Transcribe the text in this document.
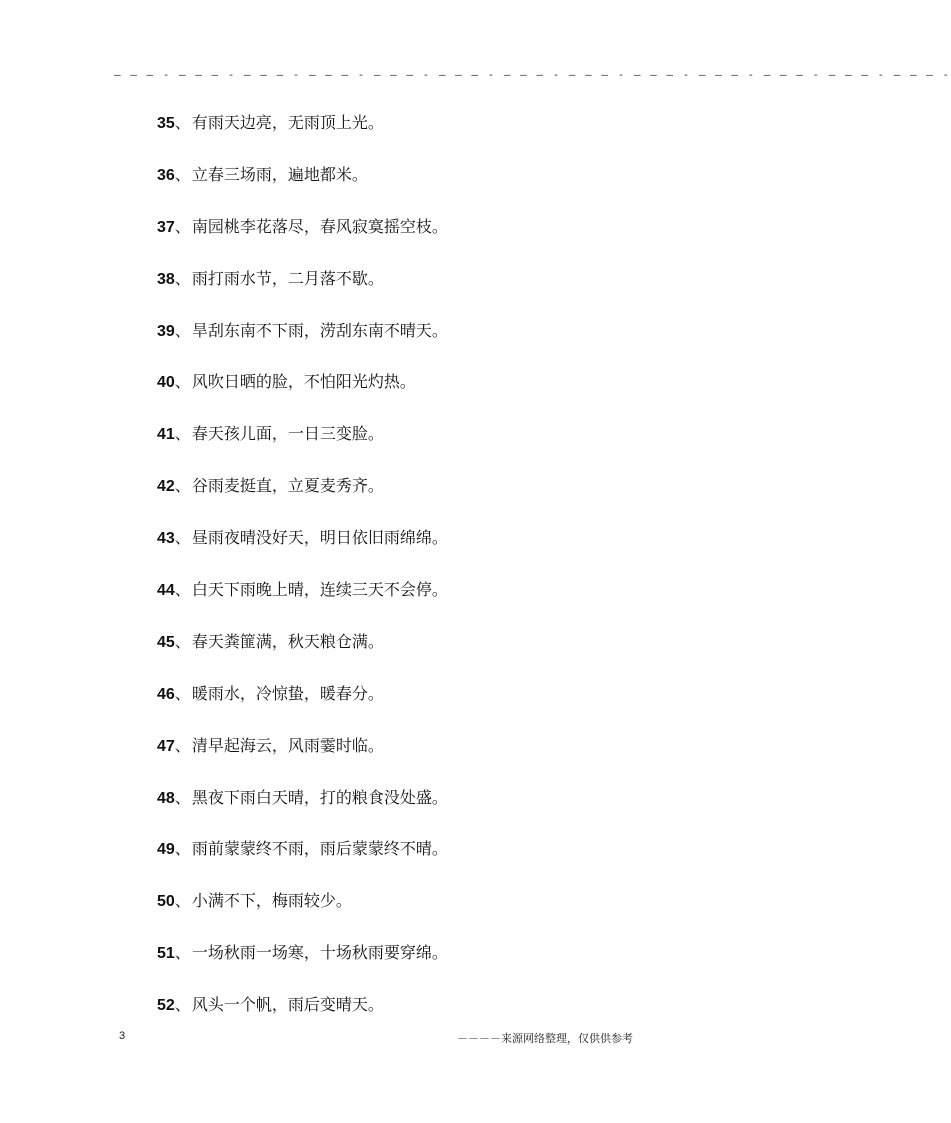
– – – - – – – - – – – - – – – - – – – - – – – - – – – - – – – - – – – - – – – - – – – - – – – - – – – -
35、有雨天边亮，无雨顶上光。
36、立春三场雨，遍地都米。
37、南园桃李花落尽，春风寂寞摇空枝。
38、雨打雨水节，二月落不歇。
39、旱刮东南不下雨，涝刮东南不晴天。
40、风吹日晒的脸，不怕阳光灼热。
41、春天孩儿面，一日三变脸。
42、谷雨麦挺直，立夏麦秀齐。
43、昼雨夜晴没好天，明日依旧雨绵绵。
44、白天下雨晚上晴，连续三天不会停。
45、春天粪篚满，秋天粮仓满。
46、暖雨水，冷惊蛰，暖春分。
47、清早起海云，风雨霎时临。
48、黑夜下雨白天晴，打的粮食没处盛。
49、雨前蒙蒙终不雨，雨后蒙蒙终不晴。
50、小满不下，梅雨较少。
51、一场秋雨一场寒，十场秋雨要穿绵。
52、风头一个帆，雨后变晴天。
3	－－－－来源网络整理，仅供供参考
